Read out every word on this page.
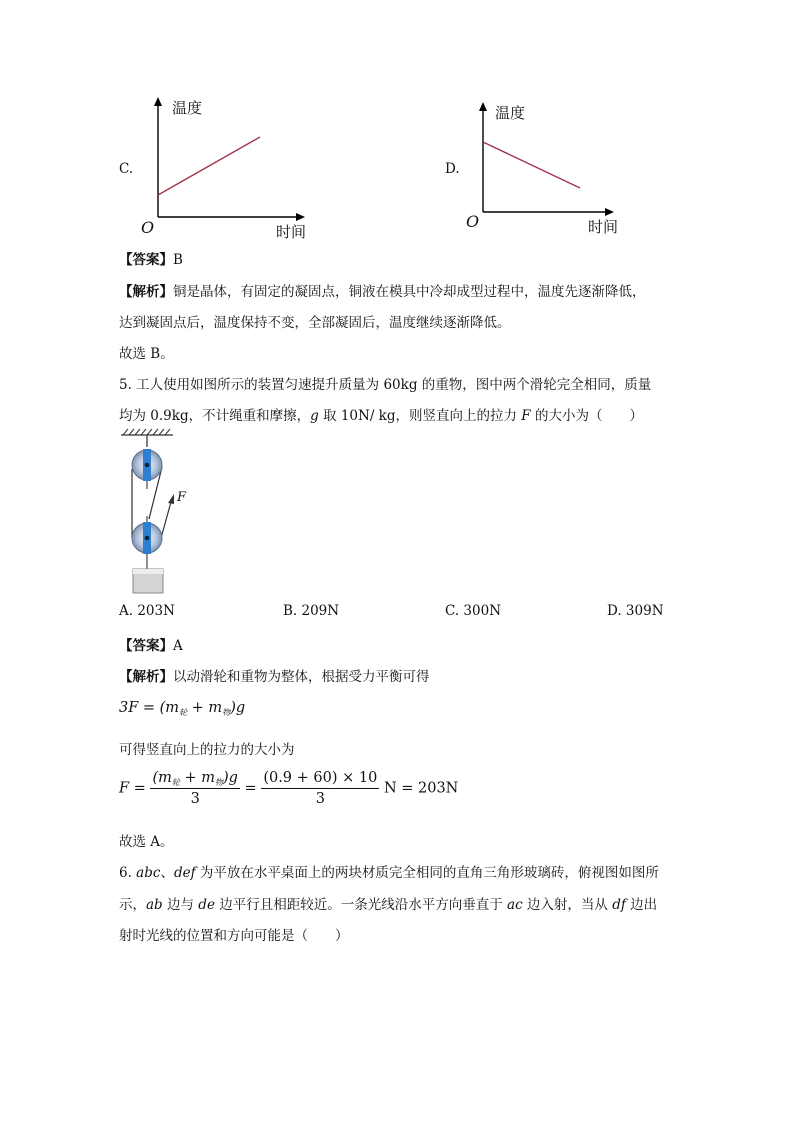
C.
温度
O	时间
D.
温度
O	时间
【答案】B
【解析】铜是晶体，有固定的凝固点，铜液在模具中冷却成型过程中，温度先逐渐降低，
达到凝固点后，温度保持不变，全部凝固后，温度继续逐渐降低。
故选 B。
5. 工人使用如图所示的装置匀速提升质量为 60kg 的重物，图中两个滑轮完全相同，质量
均为 0.9kg，不计绳重和摩擦，g 取 10N/ kg，则竖直向上的拉力 F 的大小为（　　）
F
A. 203N	B. 209N	C. 300N	D. 309N
【答案】A
【解析】以动滑轮和重物为整体，根据受力平衡可得
$3F = (m_轮 + m_物)g$
可得竖直向上的拉力的大小为
$F = \frac{(m_轮 + m_物)g}{3} = \frac{(0.9 + 60) \times 10}{3}$ N = 203N
故选 A。
6. abc、def 为平放在水平桌面上的两块材质完全相同的直角三角形玻璃砖，俯视图如图所
示，ab 边与 de 边平行且相距较近。一条光线沿水平方向垂直于 ac 边入射，当从 df 边出
射时光线的位置和方向可能是（　　）
